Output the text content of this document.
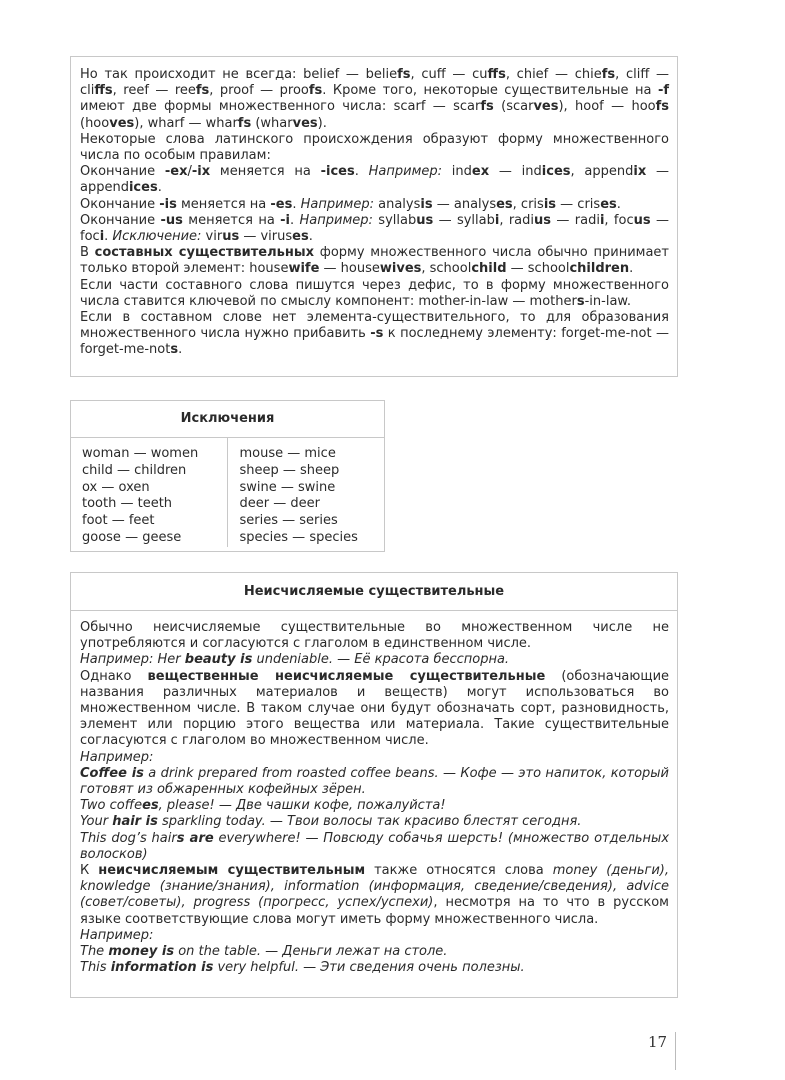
Но так происходит не всегда: belief — beliefs, cuff — cuffs, chief — chiefs, cliff — cliffs, reef — reefs, proof — proofs. Кроме того, некоторые существительные на -f имеют две формы множественного числа: scarf — scarfs (scarves), hoof — hoofs (hooves), wharf — wharfs (wharves).

Некоторые слова латинского происхождения образуют форму множественного числа по особым правилам:

Окончание -ex/-ix меняется на -ices. Например: index — indices, appendix — appendices.

Окончание -is меняется на -es. Например: analysis — analyses, crisis — crises.

Окончание -us меняется на -i. Например: syllabus — syllabi, radius — radii, focus — foci. Исключение: virus — viruses.

В составных существительных форму множественного числа обычно принимает только второй элемент: housewife — housewives, schoolchild — schoolchildren.

Если части составного слова пишутся через дефис, то в форму множественного числа ставится ключевой по смыслу компонент: mother-in-law — mothers-in-law.

Если в составном слове нет элемента-существительного, то для образования множественного числа нужно прибавить -s к последнему элементу: forget-me-not — forget-me-nots.

Исключения
woman — women
child — children
ox — oxen
tooth — teeth
foot — feet
goose — geese
mouse — mice
sheep — sheep
swine — swine
deer — deer
series — series
species — species
Неисчисляемые существительные

Обычно неисчисляемые существительные во множественном числе не употребляются и согласуются с глаголом в единственном числе.

Например: Her beauty is undeniable. — Её красота бесспорна.

Однако вещественные неисчисляемые существительные (обозначающие названия различных материалов и веществ) могут использоваться во множественном числе. В таком случае они будут обозначать сорт, разновидность, элемент или порцию этого вещества или материала. Такие существительные согласуются с глаголом во множественном числе.

Например:

Coffee is a drink prepared from roasted coffee beans. — Кофе — это напиток, который готовят из обжаренных кофейных зёрен.

Two coffees, please! — Две чашки кофе, пожалуйста!

Your hair is sparkling today. — Твои волосы так красиво блестят сегодня.

This dog’s hairs are everywhere! — Повсюду собачья шерсть! (множество отдельных волосков)

К неисчисляемым существительным также относятся слова money (деньги), knowledge (знание/знания), information (информация, сведение/сведения), advice (совет/советы), progress (прогресс, успех/успехи), несмотря на то что в русском языке соответствующие слова могут иметь форму множественного числа.

Например:

The money is on the table. — Деньги лежат на столе.

This information is very helpful. — Эти сведения очень полезны.

17
